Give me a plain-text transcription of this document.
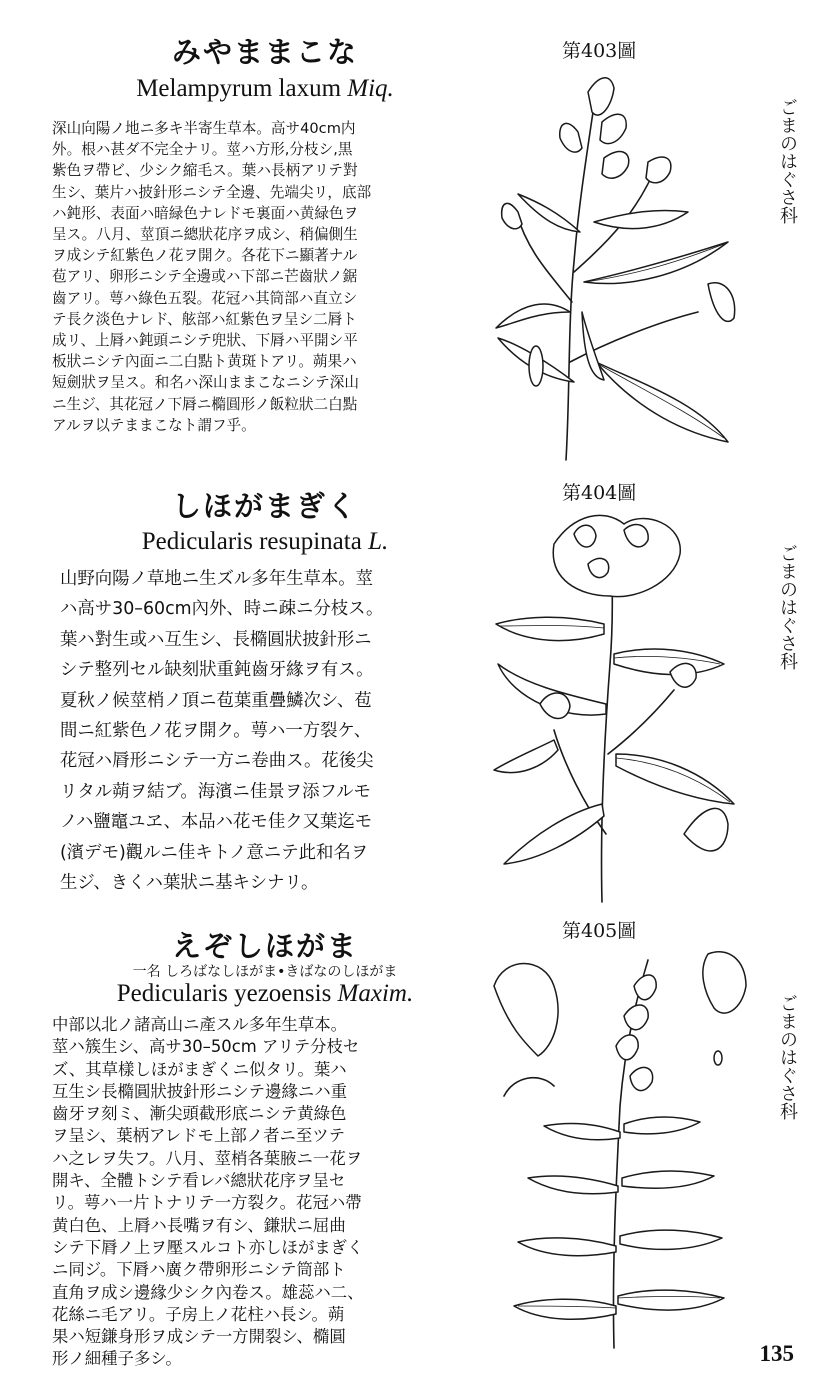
みやままこな
Melampyrum laxum Miq.
深山向陽ノ地ニ多キ半寄生草本。高サ40cm内
外。根ハ甚ダ不完全ナリ。莖ハ方形,分枝シ,黒
紫色ヲ帶ビ、少シク縮毛ス。葉ハ長柄アリテ對
生シ、葉片ハ披針形ニシテ全邊、先端尖リ，底部
ハ鈍形、表面ハ暗緑色ナレドモ裏面ハ黄緑色ヲ
呈ス。八月、莖頂ニ總狀花序ヲ成シ、稍偏側生
ヲ成シテ紅紫色ノ花ヲ開ク。各花下ニ顯著ナル
苞アリ、卵形ニシテ全邊或ハ下部ニ芒齒狀ノ鋸
齒アリ。萼ハ綠色五裂。花冠ハ其筒部ハ直立シ
テ長ク淡色ナレド、舷部ハ紅紫色ヲ呈シ二脣ト
成リ、上脣ハ鈍頭ニシテ兜狀、下脣ハ平開シ平
板狀ニシテ內面ニ二白點ト黄斑トアリ。蒴果ハ
短劍狀ヲ呈ス。和名ハ深山ままこなニシテ深山
ニ生ジ、其花冠ノ下脣ニ橢圓形ノ飯粒狀二白點
アルヲ以テままこなト謂フ乎。
第403圖
ごまのはぐさ科
しほがまぎく
Pedicularis resupinata L.
山野向陽ノ草地ニ生ズル多年生草本。莖
ハ高サ30–60cm內外、時ニ疎ニ分枝ス。
葉ハ對生或ハ互生シ、長橢圓狀披針形ニ
シテ整列セル缺刻狀重鈍齒牙緣ヲ有ス。
夏秋ノ候莖梢ノ頂ニ苞葉重疊鱗次シ、苞
間ニ紅紫色ノ花ヲ開ク。萼ハ一方裂ケ、
花冠ハ脣形ニシテ一方ニ卷曲ス。花後尖
リタル蒴ヲ結ブ。海濱ニ佳景ヲ添フルモ
ノハ鹽竈ユヱ、本品ハ花モ佳ク又葉迄モ
(濱デモ)觀ルニ佳キトノ意ニテ此和名ヲ
生ジ、きくハ葉狀ニ基キシナリ。
第404圖
ごまのはぐさ科
えぞしほがま
一名 しろばなしほがま•きばなのしほがま
Pedicularis yezoensis Maxim.
中部以北ノ諸高山ニ產スル多年生草本。
莖ハ簇生シ、高サ30–50cm アリテ分枝セ
ズ、其草樣しほがまぎくニ似タリ。葉ハ
互生シ長橢圓狀披針形ニシテ邊緣ニハ重
齒牙ヲ刻ミ、漸尖頭截形底ニシテ黄綠色
ヲ呈シ、葉柄アレドモ上部ノ者ニ至ツテ
ハ之レヲ失フ。八月、莖梢各葉腋ニ一花ヲ
開キ、全體トシテ看レバ總狀花序ヲ呈セ
リ。萼ハ一片トナリテ一方裂ク。花冠ハ帶
黄白色、上脣ハ長嘴ヲ有シ、鎌狀ニ屈曲
シテ下脣ノ上ヲ壓スルコト亦しほがまぎく
ニ同ジ。下脣ハ廣ク帶卵形ニシテ筒部ト
直角ヲ成シ邊緣少シク內卷ス。雄蕊ハ二、
花絲ニ毛アリ。子房上ノ花柱ハ長シ。蒴
果ハ短鎌身形ヲ成シテ一方開裂シ、橢圓
形ノ細種子多シ。
第405圖
ごまのはぐさ科
135
